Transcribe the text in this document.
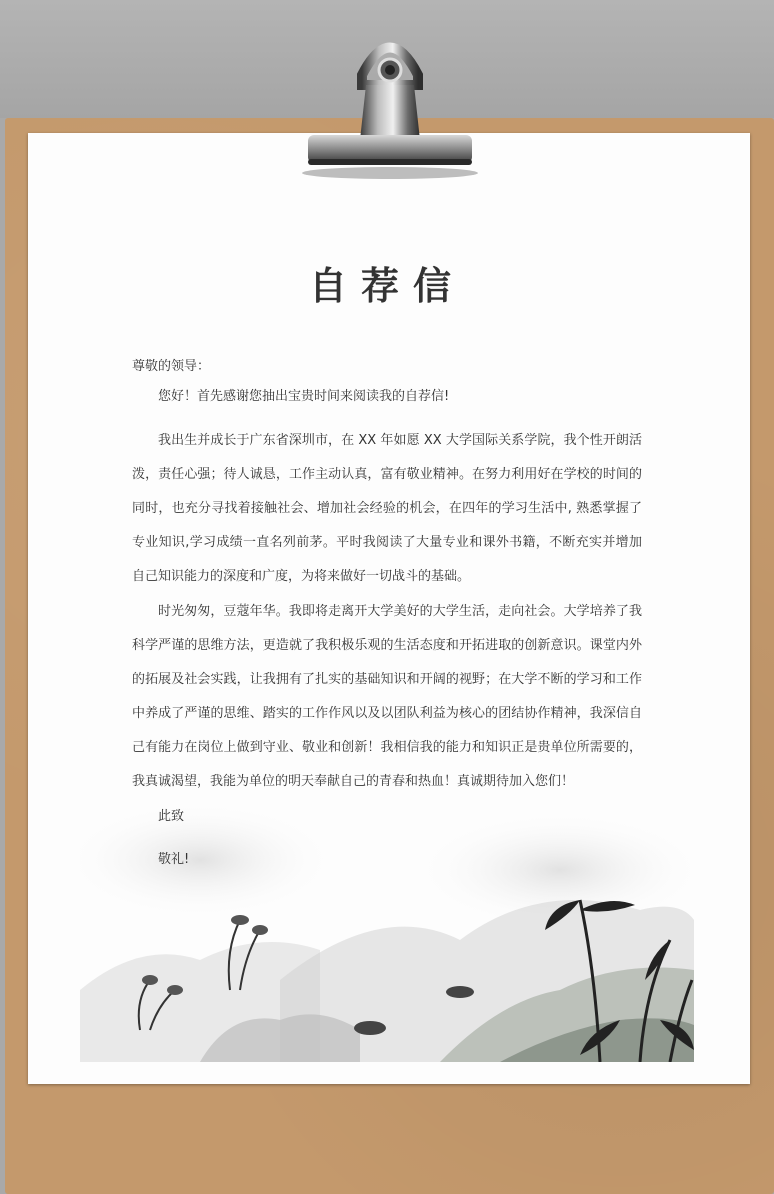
自荐信
尊敬的领导：
您好！首先感谢您抽出宝贵时间来阅读我的自荐信!
我出生并成长于广东省深圳市，在 XX 年如愿 XX 大学国际关系学院，我个性开朗活泼，责任心强；待人诚恳，工作主动认真，富有敬业精神。在努力利用好在学校的时间的同时，也充分寻找着接触社会、增加社会经验的机会，在四年的学习生活中, 熟悉掌握了专业知识,学习成绩一直名列前茅。平时我阅读了大量专业和课外书籍，不断充实并增加自己知识能力的深度和广度，为将来做好一切战斗的基础。
时光匆匆，豆蔻年华。我即将走离开大学美好的大学生活，走向社会。大学培养了我科学严谨的思维方法，更造就了我积极乐观的生活态度和开拓进取的创新意识。课堂内外的拓展及社会实践，让我拥有了扎实的基础知识和开阔的视野；在大学不断的学习和工作中养成了严谨的思维、踏实的工作作风以及以团队利益为核心的团结协作精神，我深信自己有能力在岗位上做到守业、敬业和创新！我相信我的能力和知识正是贵单位所需要的，我真诚渴望，我能为单位的明天奉献自己的青春和热血！真诚期待加入您们！
此致
敬礼!
